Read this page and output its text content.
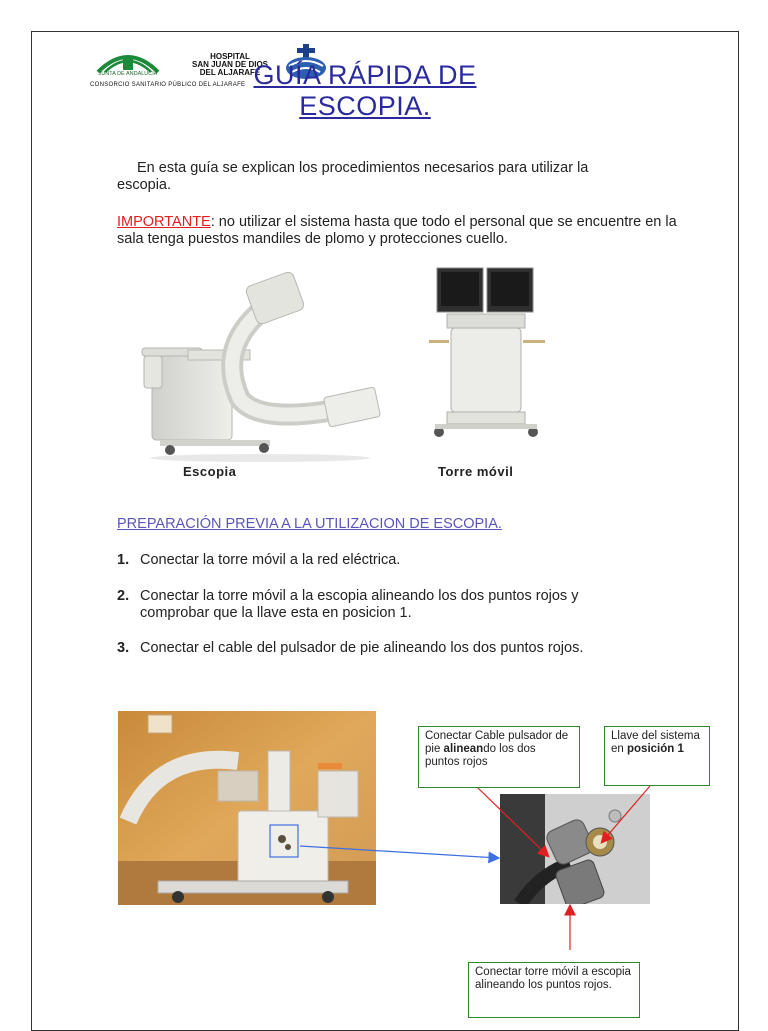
JUNTA DE ANDALUCIA
HOSPITAL
SAN JUAN DE DIOS
DEL ALJARAFE
CONSORCIO SANITARIO PÚBLICO DEL ALJARAFE GUÍA RÁPIDA DE ESCOPIA.
En esta guía se explican los procedimientos necesarios para utilizar la escopia.
IMPORTANTE: no utilizar el sistema hasta que todo el personal que se encuentre en la sala tenga puestos mandiles de plomo y protecciones cuello.
Escopia	Torre móvil
PREPARACIÓN PREVIA A LA UTILIZACION DE ESCOPIA.
1. Conectar la torre móvil a la red eléctrica.
2. Conectar la torre móvil a la escopia alineando los dos puntos rojos y comprobar que la llave esta en posicion 1.
3. Conectar el cable del pulsador de pie alineando los dos puntos rojos.
Conectar Cable pulsador de pie alineando los dos puntos rojos
Llave del sistema en posición 1
Conectar torre móvil a escopia alineando los puntos rojos.
